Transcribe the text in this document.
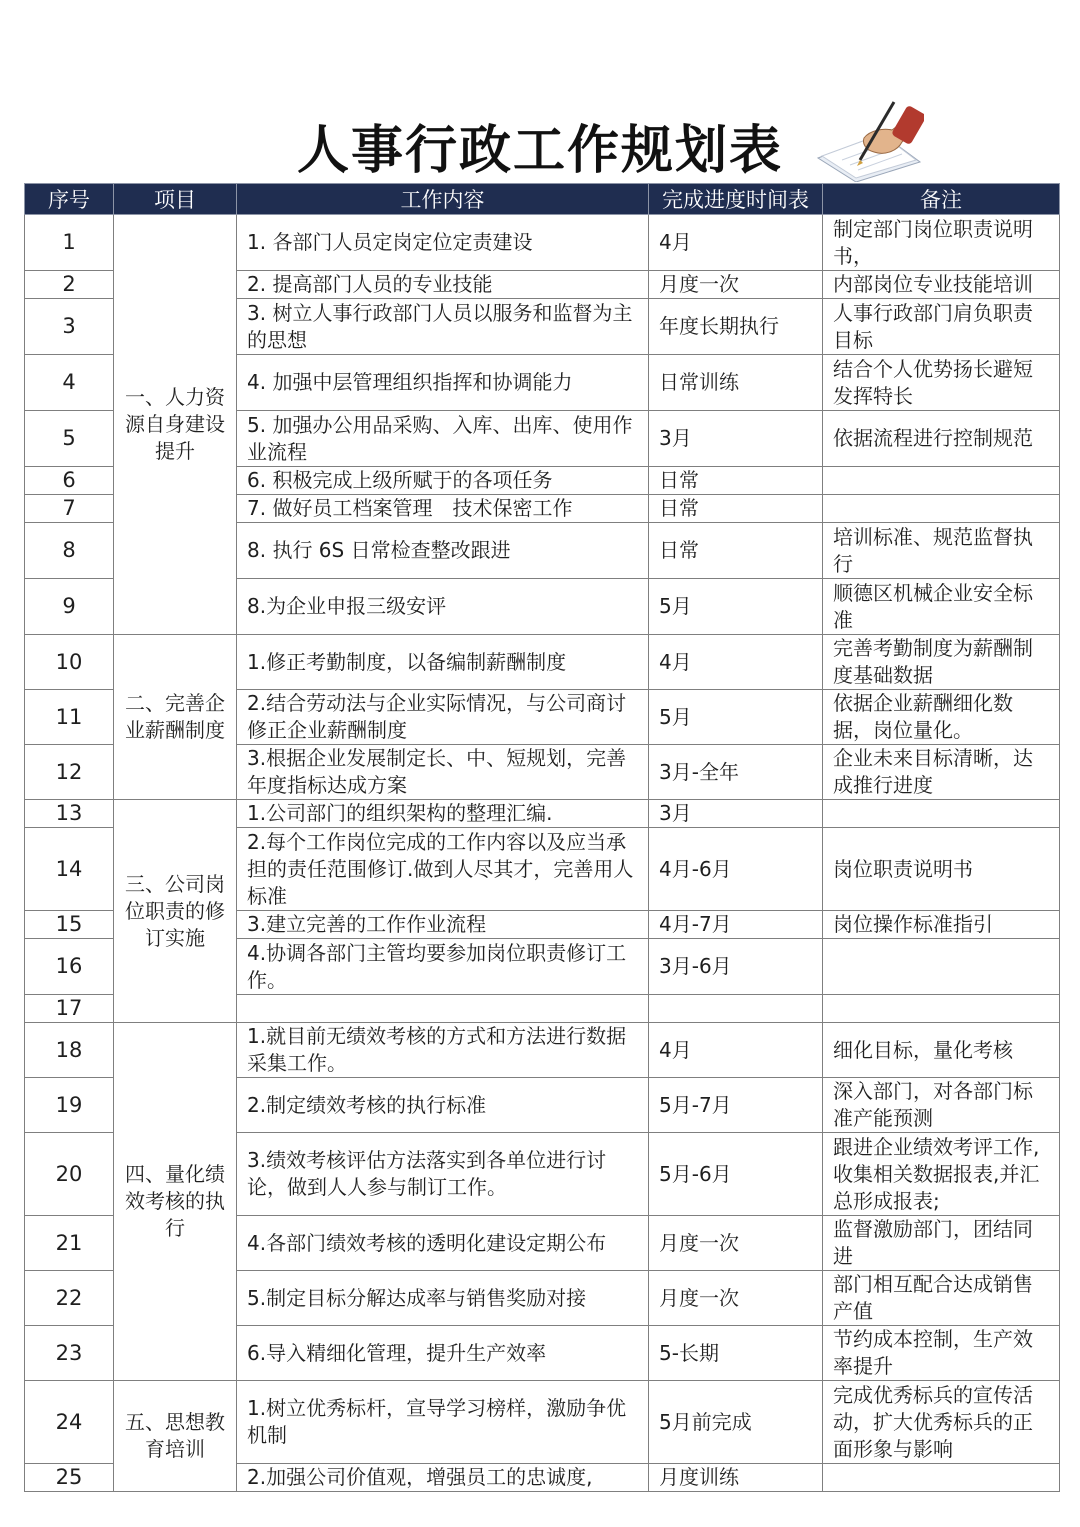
人事行政工作规划表
序号	项目	工作内容	完成进度时间表	备注
1	一、人力资源自身建设提升	1. 各部门人员定岗定位定责建设	4月	制定部门岗位职责说明书，
2		2. 提高部门人员的专业技能	月度一次	内部岗位专业技能培训
3		3. 树立人事行政部门人员以服务和监督为主的思想	年度长期执行	人事行政部门肩负职责目标
4		4. 加强中层管理组织指挥和协调能力	日常训练	结合个人优势扬长避短发挥特长
5		5. 加强办公用品采购、入库、出库、使用作业流程	3月	依据流程进行控制规范
6		6. 积极完成上级所赋于的各项任务	日常	
7		7. 做好员工档案管理　技术保密工作	日常	
8		8. 执行 6S 日常检查整改跟进	日常	培训标准、规范监督执行
9		8.为企业申报三级安评	5月	顺德区机械企业安全标准
10	二、完善企业薪酬制度	1.修正考勤制度，以备编制薪酬制度	4月	完善考勤制度为薪酬制度基础数据
11		2.结合劳动法与企业实际情况，与公司商讨修正企业薪酬制度	5月	依据企业薪酬细化数据，岗位量化。
12		3.根据企业发展制定长、中、短规划，完善年度指标达成方案	3月-全年	企业未来目标清晰，达成推行进度
13	三、公司岗位职责的修订实施	1.公司部门的组织架构的整理汇编.	3月	
14		2.每个工作岗位完成的工作内容以及应当承担的责任范围修订.做到人尽其才，完善用人标准	4月-6月	岗位职责说明书
15		3.建立完善的工作作业流程	4月-7月	岗位操作标准指引
16		4.协调各部门主管均要参加岗位职责修订工作。	3月-6月	
17				
18	四、量化绩效考核的执行	1.就目前无绩效考核的方式和方法进行数据采集工作。	4月	细化目标，量化考核
19		2.制定绩效考核的执行标准	5月-7月	深入部门，对各部门标准产能预测
20		3.绩效考核评估方法落实到各单位进行讨论，做到人人参与制订工作。	5月-6月	跟进企业绩效考评工作,收集相关数据报表,并汇总形成报表;
21		4.各部门绩效考核的透明化建设定期公布	月度一次	监督激励部门，团结同进
22		5.制定目标分解达成率与销售奖励对接	月度一次	部门相互配合达成销售产值
23		6.导入精细化管理，提升生产效率	5-长期	节约成本控制，生产效率提升
24	五、思想教育培训	1.树立优秀标杆，宣导学习榜样，激励争优机制	5月前完成	完成优秀标兵的宣传活动，扩大优秀标兵的正面形象与影响
25		2.加强公司价值观，增强员工的忠诚度,	月度训练	
